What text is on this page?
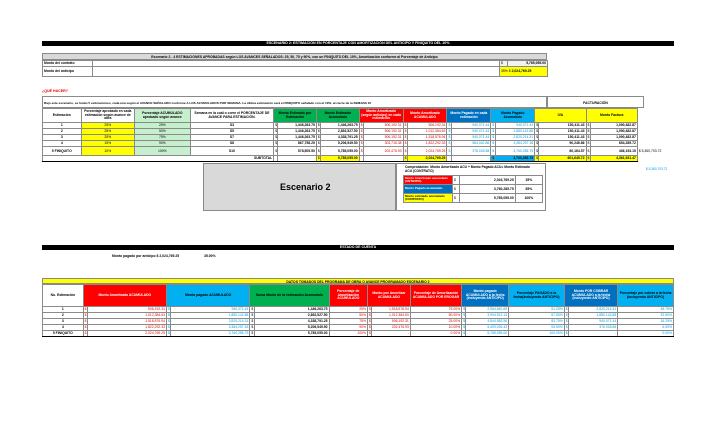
ESCENARIO 2: ESTIMACIÓN EN PORCENTAJE CON AMORTIZACIÓN DEL ANTICIPO Y FINIQUITO DEL 10%
Escenario 2 - 4 ESTIMACIONES APROBADAS según LOS AVANCES SEÑALADOS: 25, 50, 75 y 90%, con un FINIQUITO DEL 10%, Amortización conforme al Porcentaje de Anticipo
Monto del contrato		$	5,765,055.00
Monto del anticipo		35% $ 2,024,769.25	
¿QUÉ HACER?
Bajo este escenario, se harán 5 estimaciones, cada una según el AVANCE SEÑALADO conforme A LOS ACUMULADOS POR SEMANA. La última estimación será el FINIQUITO señalado con el 10%, al cierre de la SEMANA 10	FACTURACIÓN
Estimación	Porcentaje aprobado en cada estimación según avance de obra	Porcentaje ACUMULADO aprobado según avance	Semana en la cuál o corre el PORCENTAJE DE AVANCE PARA ESTIMACIÓN.	Monto Estimado por Estimación		Monto Estimado Acumulado		Monto Amortizado (según anticipo) en cada estimación		Monto Amortizado ACUMULADO		Monto Pagado en cada estimación		Monto Pagado Acumulado		IVA		Monto Factura			
1	25%	25%	S3	$	1,446,263.75	$	1,446,263.75	$	506,192.31	$	506,192.31	$	940,071.44	$	940,071.44	$	150,411.43	$	1,090,482.87		
2	25%	50%	S5	$	1,446,263.75	$	2,892,527.50	$	506,192.31	$	1,012,384.63	$	940,071.44	$	1,880,142.88	$	150,411.43	$	1,090,482.87		
3	25%	75%	S7	$	1,446,263.75	$	4,338,791.25	$	506,192.31	$	1,518,576.94	$	940,071.44	$	2,820,214.31	$	150,411.43	$	1,090,482.87		
4	15%	90%	S8	$	867,758.25	$	5,206,549.50	$	303,715.38	$	1,822,292.33	$	564,042.86	$	3,384,257.18	$	90,246.86	$	654,289.72		
5 FINIQUITO	10%	100%	S10	$	578,505.50	$	5,785,055.00	$	202,476.93	$	2,024,769.25	$	376,028.58	$	3,760,285.75	$	60,164.57	$	436,193.15	$	5,360,703.72
SUBTOTAL						$	5,785,055.00			$	2,024,769.25			$	3,760,285.75	$	601,645.72	$	4,361,931.47		
$ 5,360,703.72
Escenario 2
Comprobación: Monto Amortizado ACU + Monto Pagado ACU= Monto Estimado ACU (CONTRATO)
Monto Amortizado acumulado (ANTICIPO)	$	2,024,769.25	35%
Monto Pagado acumulado	$	3,760,285.75	65%
Monto estimado acumulado (CONTRATO)	$	5,765,055.00	100%
ESTADO DE CUENTA
Monto pagado por anticipo $ 2,024,769.25	35.00%
DATOS TOMADOS DEL PROGRAMA DE OBRA O AVANCE PROGRAMADO ESCENARIO 2
No. Estimación	Monto Amortizado ACUMULADO		Monto pagado ACUMULADO		Suma Monto de la estimación Acumulado		Porcentaje de Amortización ACUMULADO	Monto por Amortizar ACUMULADO		Porcentaje de Amortización ACUMULADO POR EROGAR	Monto pagado ACUMULADO a la fecha (Incluyendo ANTICIPO)		Porcentaje PAGADO a la fecha(Incluyendo ANTICIPO)	Monto POR COBRAR ACUMULADO a la fecha (Incluyendo ANTICIPO)		Porcentaje por cobrar a la fecha (Incluyendo ANTICIPO)
1	$	506,192.31	$	940,071.44	$	1,446,263.75	25%	$	1,518,576.94	75.00%	$	2,964,840.69	51.25%	$	2,820,214.31	48.75%
2	$	1,012,384.63	$	1,880,142.88	$	2,892,527.50	50%	$	1,012,384.63	50.00%	$	3,904,912.13	67.50%	$	1,880,142.88	32.50%
3	$	1,518,576.94	$	2,820,214.31	$	4,338,791.25	75%	$	506,192.31	25.00%	$	4,844,983.56	83.75%	$	940,071.44	16.25%
4	$	1,822,292.33	$	3,384,257.18	$	5,206,549.50	90%	$	202,476.93	10.00%	$	5,409,026.43	93.50%	$	376,028.58	6.50%
5 FINIQUITO	$	2,024,769.25	$	3,760,285.75	$	5,785,055.00	100%	$	-	0.00%	$	5,785,055.00	100.00%	$	-	0.00%
